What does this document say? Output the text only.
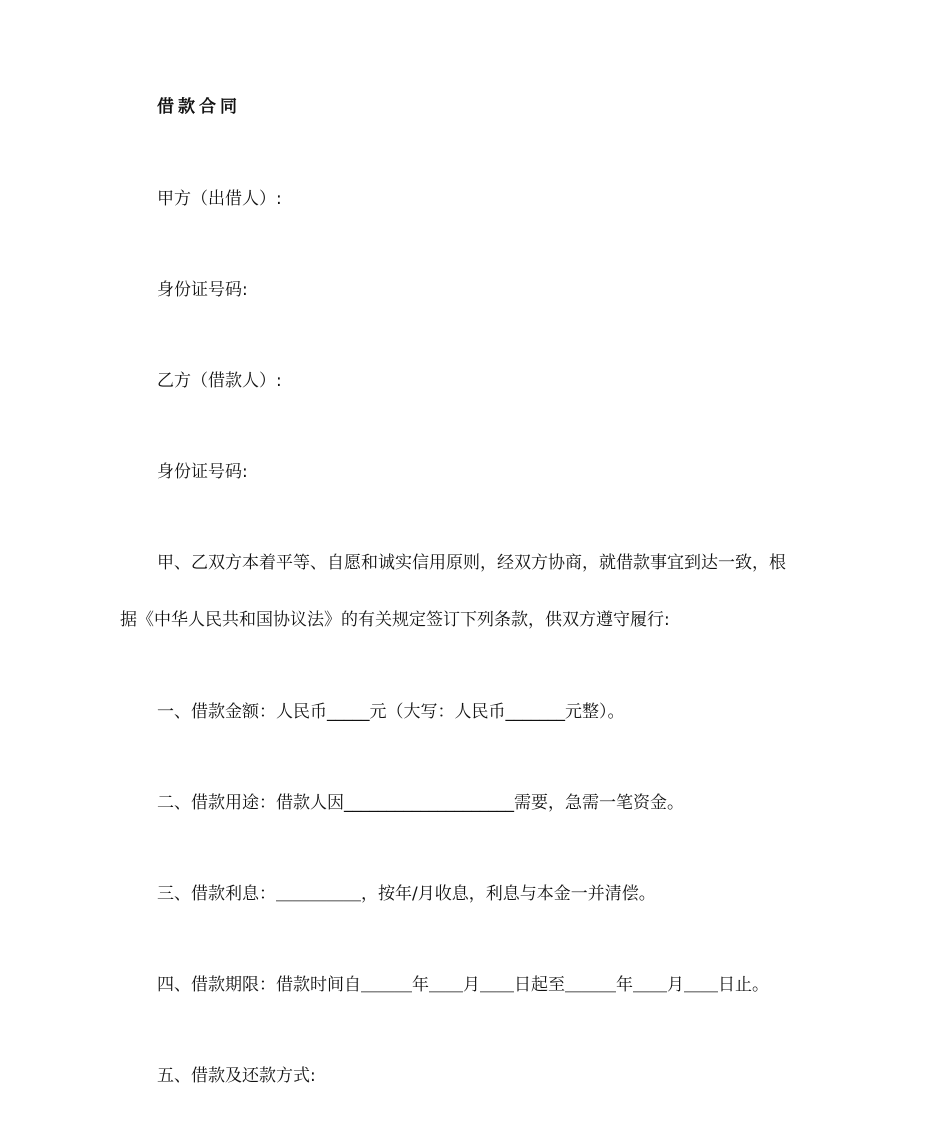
借款合同
甲方（出借人）:
身份证号码:
乙方（借款人）:
身份证号码:
甲、乙双方本着平等、自愿和诚实信用原则，经双方协商，就借款事宜到达一致，根
据《中华人民共和国协议法》的有关规定签订下列条款，供双方遵守履行:
一、借款金额：人民币_____元（大写：人民币_______元整）。
二、借款用途：借款人因____________________需要，急需一笔资金。
三、借款利息：＿＿＿＿＿，按年/月收息，利息与本金一并清偿。
四、借款期限：借款时间自＿＿＿年＿＿月＿＿日起至＿＿＿年＿＿月＿＿日止。
五、借款及还款方式:
